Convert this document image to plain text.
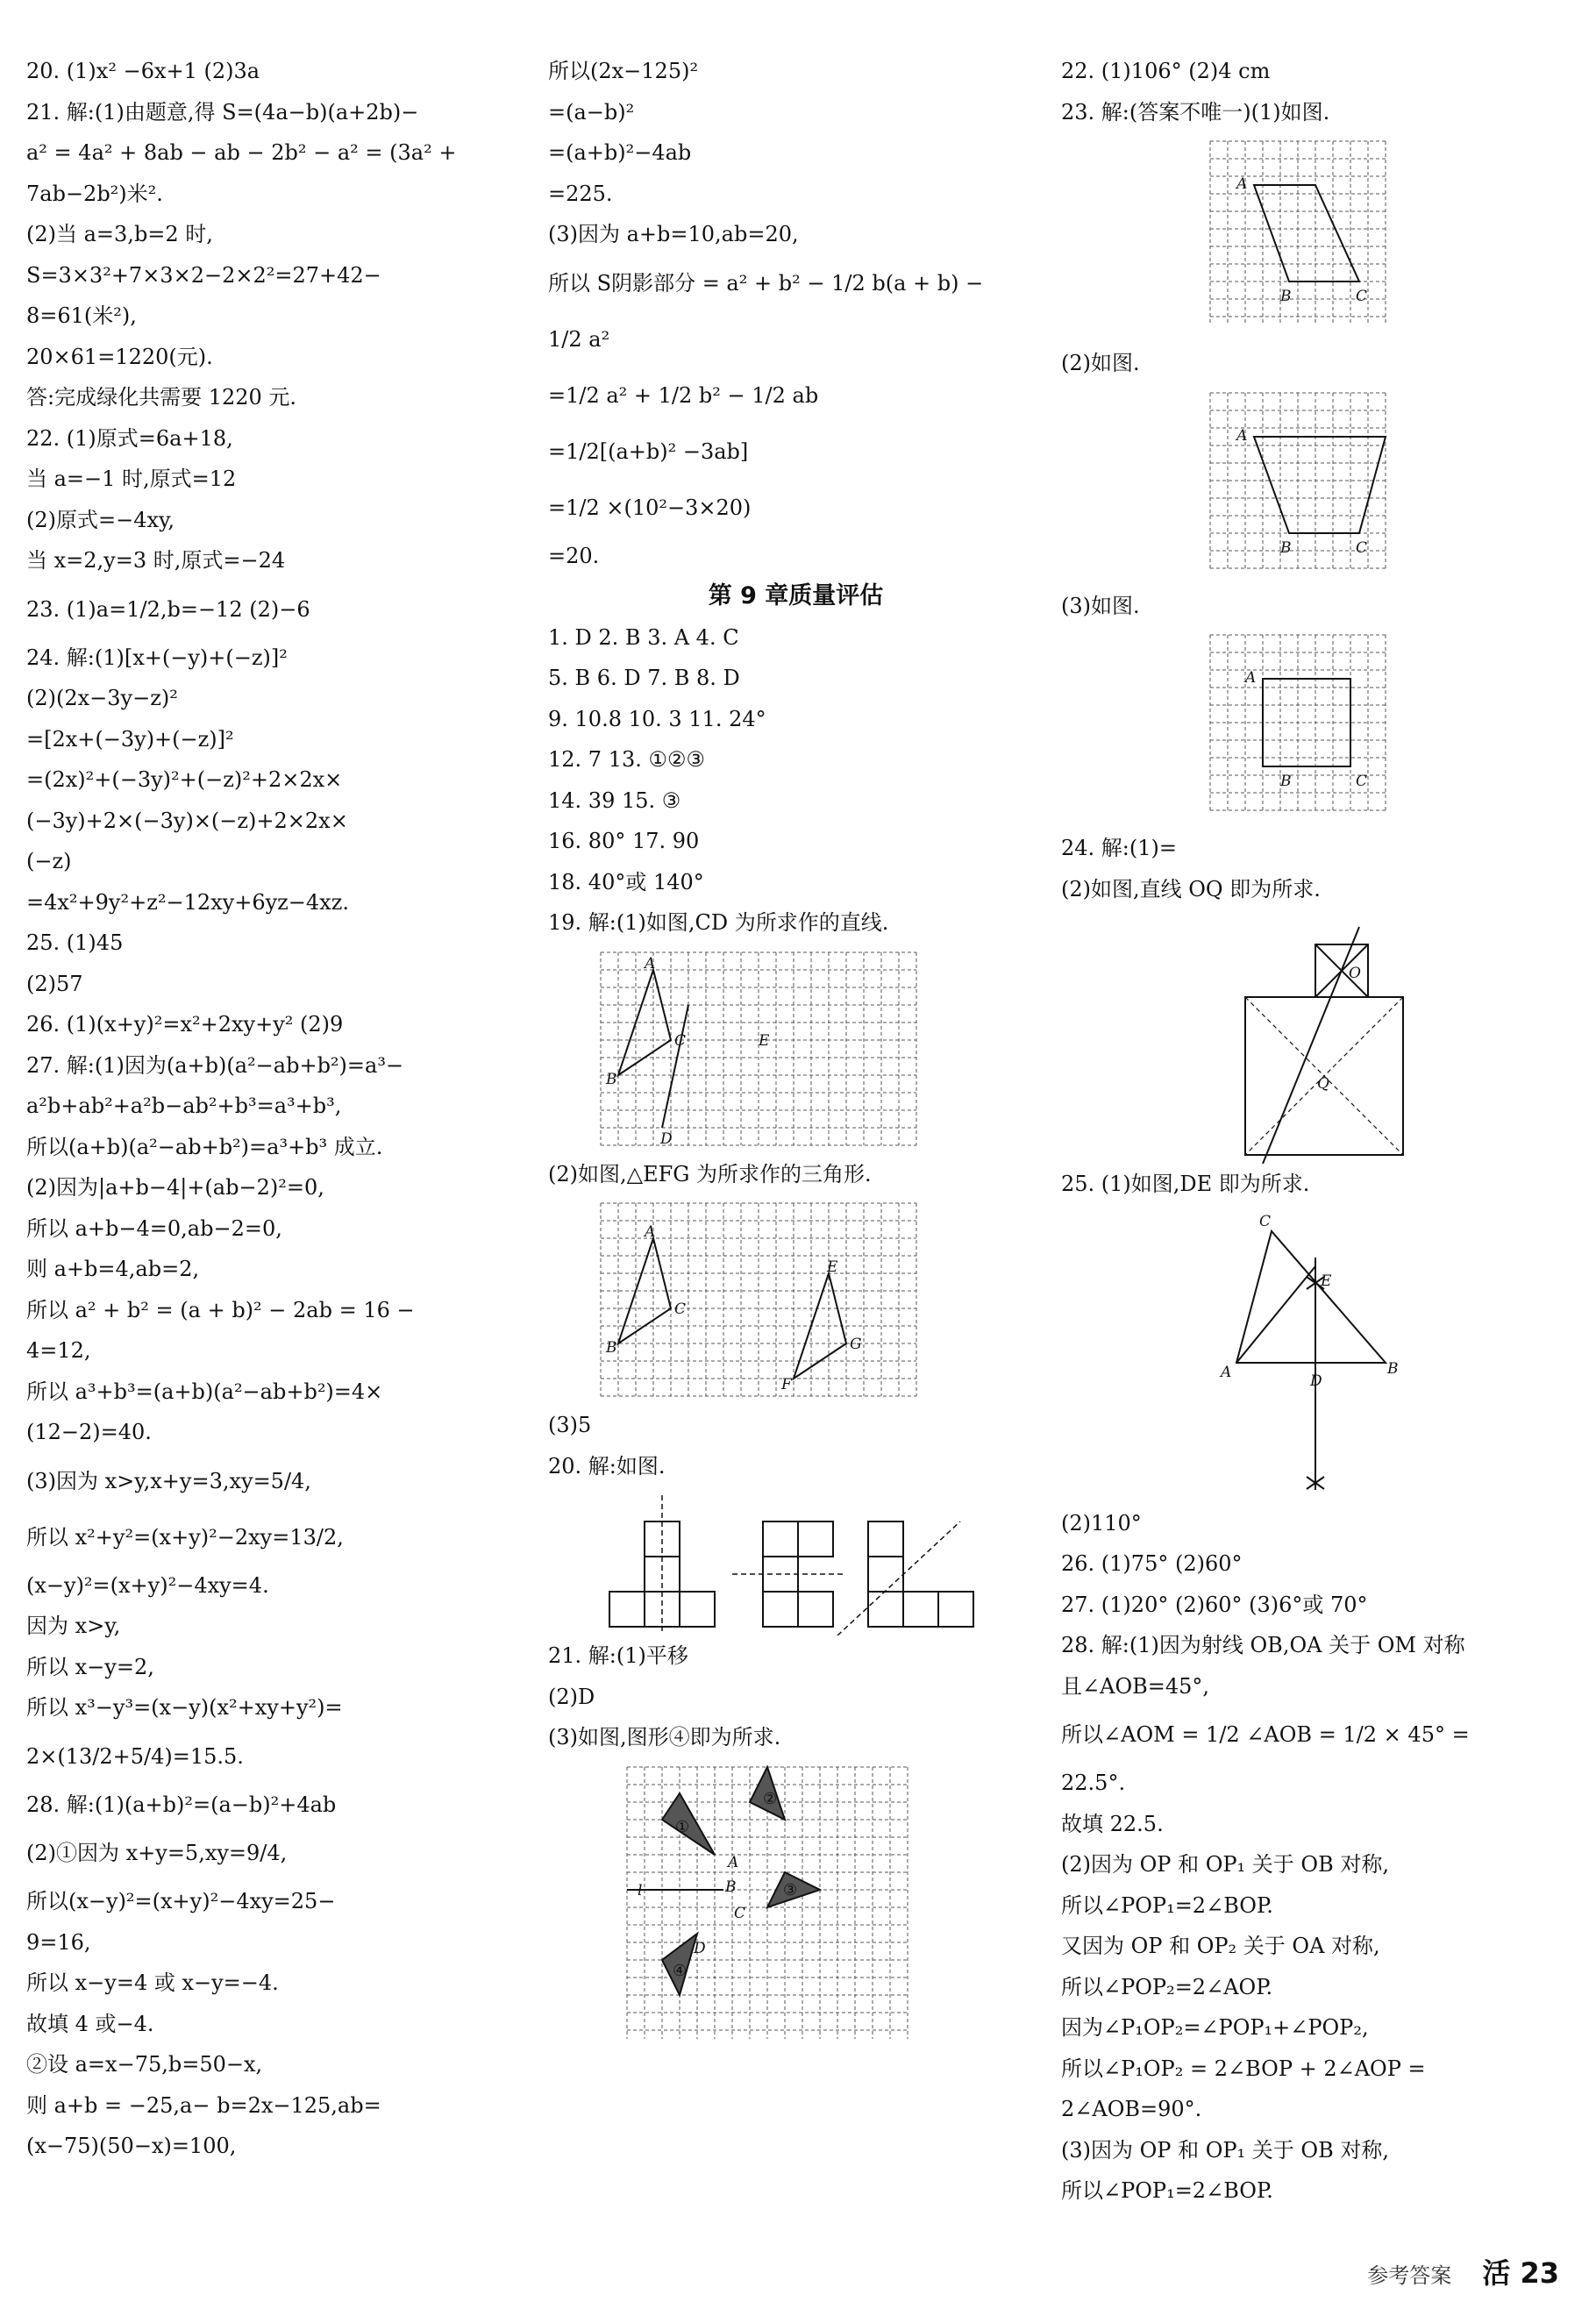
20. (1)x² −6x+1 (2)3a
21. 解:(1)由题意,得 S=(4a−b)(a+2b)−
a² = 4a² + 8ab − ab − 2b² − a² = (3a² +
7ab−2b²)米².
(2)当 a=3,b=2 时,
S=3×3²+7×3×2−2×2²=27+42−
8=61(米²),
20×61=1220(元).
答:完成绿化共需要 1220 元.
22. (1)原式=6a+18,
当 a=−1 时,原式=12
(2)原式=−4xy,
当 x=2,y=3 时,原式=−24
23. (1)a=1/2,b=−12 (2)−6
24. 解:(1)[x+(−y)+(−z)]²
(2)(2x−3y−z)²
=[2x+(−3y)+(−z)]²
=(2x)²+(−3y)²+(−z)²+2×2x×
(−3y)+2×(−3y)×(−z)+2×2x×
(−z)
=4x²+9y²+z²−12xy+6yz−4xz.
25. (1)45
(2)57
26. (1)(x+y)²=x²+2xy+y² (2)9
27. 解:(1)因为(a+b)(a²−ab+b²)=a³−
a²b+ab²+a²b−ab²+b³=a³+b³,
所以(a+b)(a²−ab+b²)=a³+b³ 成立.
(2)因为|a+b−4|+(ab−2)²=0,
所以 a+b−4=0,ab−2=0,
则 a+b=4,ab=2,
所以 a² + b² = (a + b)² − 2ab = 16 −
4=12,
所以 a³+b³=(a+b)(a²−ab+b²)=4×
(12−2)=40.
(3)因为 x>y,x+y=3,xy=5/4,
所以 x²+y²=(x+y)²−2xy=13/2,
(x−y)²=(x+y)²−4xy=4.
因为 x>y,
所以 x−y=2,
所以 x³−y³=(x−y)(x²+xy+y²)=
2×(13/2+5/4)=15.5.
28. 解:(1)(a+b)²=(a−b)²+4ab
(2)①因为 x+y=5,xy=9/4,
所以(x−y)²=(x+y)²−4xy=25−
9=16,
所以 x−y=4 或 x−y=−4.
故填 4 或−4.
②设 a=x−75,b=50−x,
则 a+b = −25,a− b=2x−125,ab=
(x−75)(50−x)=100,
所以(2x−125)²
=(a−b)²
=(a+b)²−4ab
=225.
(3)因为 a+b=10,ab=20,
所以 S阴影部分 = a² + b² − 1/2 b(a + b) −
1/2 a²
=1/2 a² + 1/2 b² − 1/2 ab
=1/2[(a+b)² −3ab]
=1/2 ×(10²−3×20)
=20.
第 9 章质量评估
1. D 2. B 3. A 4. C
5. B 6. D 7. B 8. D
9. 10.8 10. 3 11. 24°
12. 7 13. ①②③
14. 39 15. ③
16. 80° 17. 90
18. 40°或 140°
19. 解:(1)如图,CD 为所求作的直线.
A
C
B
D
E
(2)如图,△EFG 为所求作的三角形.
A
C
B
E
G
F
(3)5
20. 解:如图.
21. 解:(1)平移
(2)D
(3)如图,图形④即为所求.
l
A
B
C
D
①
②
③
④
22. (1)106° (2)4 cm
23. 解:(答案不唯一)(1)如图.
A
B	C
(2)如图.
A
B	C
(3)如图.
A
B	C
24. 解:(1)=
(2)如图,直线 OQ 即为所求.
O
Q
25. (1)如图,DE 即为所求.
C
E
A	B
D
(2)110°
26. (1)75° (2)60°
27. (1)20° (2)60° (3)6°或 70°
28. 解:(1)因为射线 OB,OA 关于 OM 对称
且∠AOB=45°,
所以∠AOM = 1/2 ∠AOB = 1/2 × 45° =
22.5°.
故填 22.5.
(2)因为 OP 和 OP₁ 关于 OB 对称,
所以∠POP₁=2∠BOP.
又因为 OP 和 OP₂ 关于 OA 对称,
所以∠POP₂=2∠AOP.
因为∠P₁OP₂=∠POP₁+∠POP₂,
所以∠P₁OP₂ = 2∠BOP + 2∠AOP =
2∠AOB=90°.
(3)因为 OP 和 OP₁ 关于 OB 对称,
所以∠POP₁=2∠BOP.
参考答案 活 23
